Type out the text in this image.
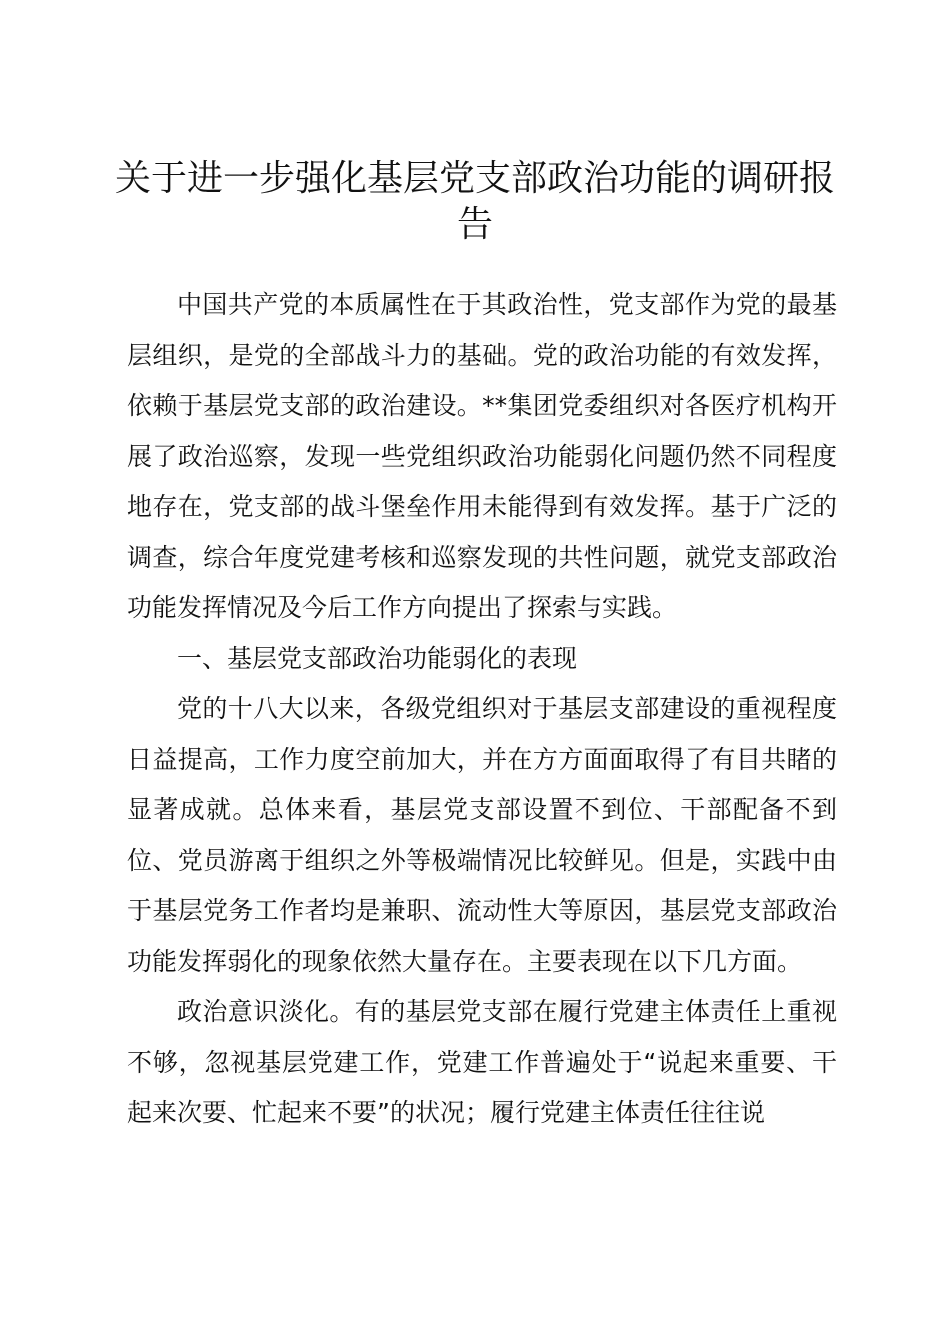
关于进一步强化基层党支部政治功能的调研报告

中国共产党的本质属性在于其政治性，党支部作为党的最基层组织，是党的全部战斗力的基础。党的政治功能的有效发挥，依赖于基层党支部的政治建设。**集团党委组织对各医疗机构开展了政治巡察，发现一些党组织政治功能弱化问题仍然不同程度地存在，党支部的战斗堡垒作用未能得到有效发挥。基于广泛的调查，综合年度党建考核和巡察发现的共性问题，就党支部政治功能发挥情况及今后工作方向提出了探索与实践。

一、基层党支部政治功能弱化的表现

党的十八大以来，各级党组织对于基层支部建设的重视程度日益提高，工作力度空前加大，并在方方面面取得了有目共睹的显著成就。总体来看，基层党支部设置不到位、干部配备不到位、党员游离于组织之外等极端情况比较鲜见。但是，实践中由于基层党务工作者均是兼职、流动性大等原因，基层党支部政治功能发挥弱化的现象依然大量存在。主要表现在以下几方面。

政治意识淡化。有的基层党支部在履行党建主体责任上重视不够，忽视基层党建工作，党建工作普遍处于“说起来重要、干起来次要、忙起来不要”的状况；履行党建主体责任往往说
